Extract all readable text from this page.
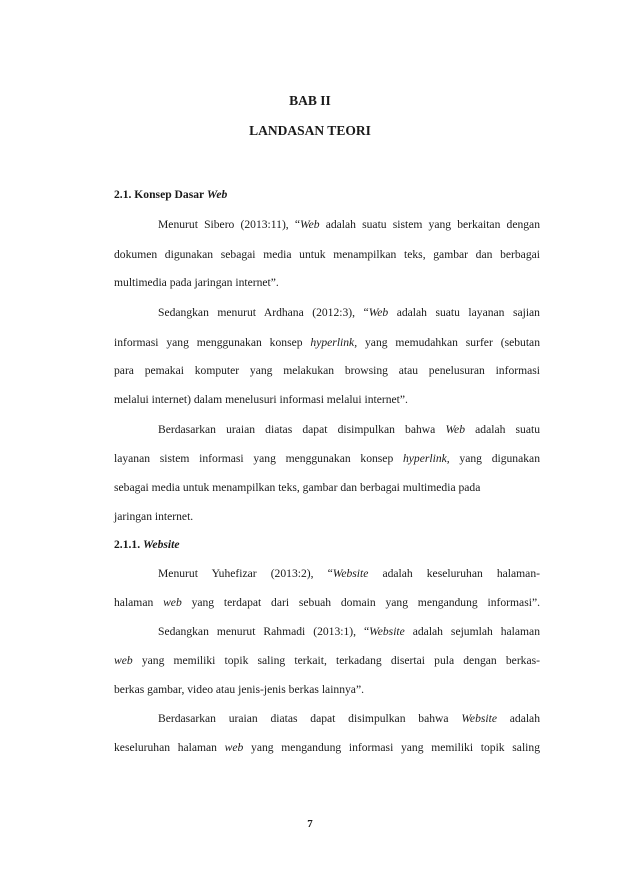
BAB II
LANDASAN TEORI
2.1. Konsep Dasar Web
Menurut Sibero (2013:11), “Web adalah suatu sistem yang berkaitan dengan
dokumen digunakan sebagai media untuk menampilkan teks, gambar dan berbagai
multimedia pada jaringan internet”.
Sedangkan menurut Ardhana (2012:3), “Web adalah suatu layanan sajian
informasi yang menggunakan konsep hyperlink, yang memudahkan surfer (sebutan
para pemakai komputer yang melakukan browsing atau penelusuran informasi
melalui internet) dalam menelusuri informasi melalui internet”.
Berdasarkan uraian diatas dapat disimpulkan bahwa Web adalah suatu
layanan sistem informasi yang menggunakan konsep hyperlink, yang digunakan
sebagai media untuk menampilkan teks, gambar dan berbagai multimedia pada
jaringan internet.
2.1.1. Website
Menurut Yuhefizar (2013:2), “Website adalah keseluruhan halaman-
halaman web yang terdapat dari sebuah domain yang mengandung informasi”.
Sedangkan menurut Rahmadi (2013:1), “Website adalah sejumlah halaman
web yang memiliki topik saling terkait, terkadang disertai pula dengan berkas-
berkas gambar, video atau jenis-jenis berkas lainnya”.
Berdasarkan uraian diatas dapat disimpulkan bahwa Website adalah
keseluruhan halaman web yang mengandung informasi yang memiliki topik saling
7
